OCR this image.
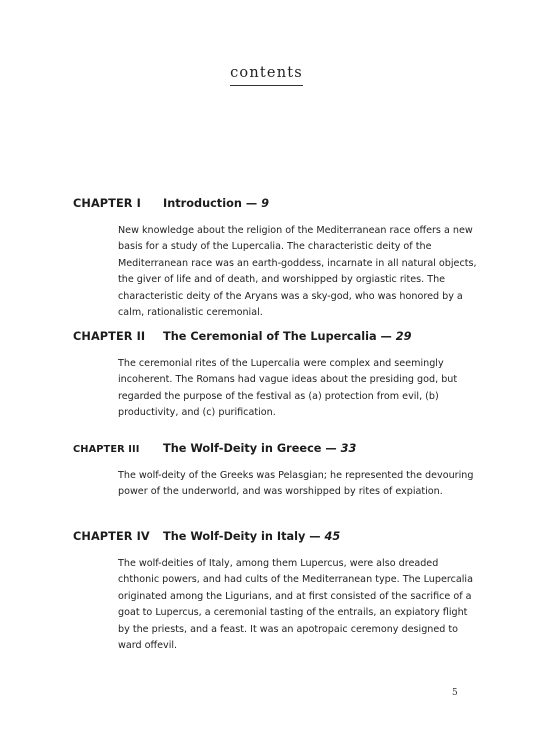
contents
CHAPTER I Introduction — 9
New knowledge about the religion of the Mediterranean race offers a new basis for a study of the Lupercalia. The characteristic deity of the Mediterranean race was an earth-goddess, incarnate in all natural objects, the giver of life and of death, and worshipped by orgiastic rites. The characteristic deity of the Aryans was a sky-god, who was honored by a calm, rationalistic ceremonial.
CHAPTER II The Ceremonial of The Lupercalia — 29
The ceremonial rites of the Lupercalia were complex and seemingly incoherent. The Romans had vague ideas about the presiding god, but regarded the purpose of the festival as (a) protection from evil, (b) productivity, and (c) purification.
CHAPTER III The Wolf-Deity in Greece — 33
The wolf-deity of the Greeks was Pelasgian; he represented the devouring power of the underworld, and was worshipped by rites of expiation.
CHAPTER IV The Wolf-Deity in Italy — 45
The wolf-deities of Italy, among them Lupercus, were also dreaded chthonic powers, and had cults of the Mediterranean type. The Lupercalia originated among the Ligurians, and at first consisted of the sacrifice of a goat to Lupercus, a ceremonial tasting of the entrails, an expiatory flight by the priests, and a feast. It was an apotropaic ceremony designed to ward offevil.
5
